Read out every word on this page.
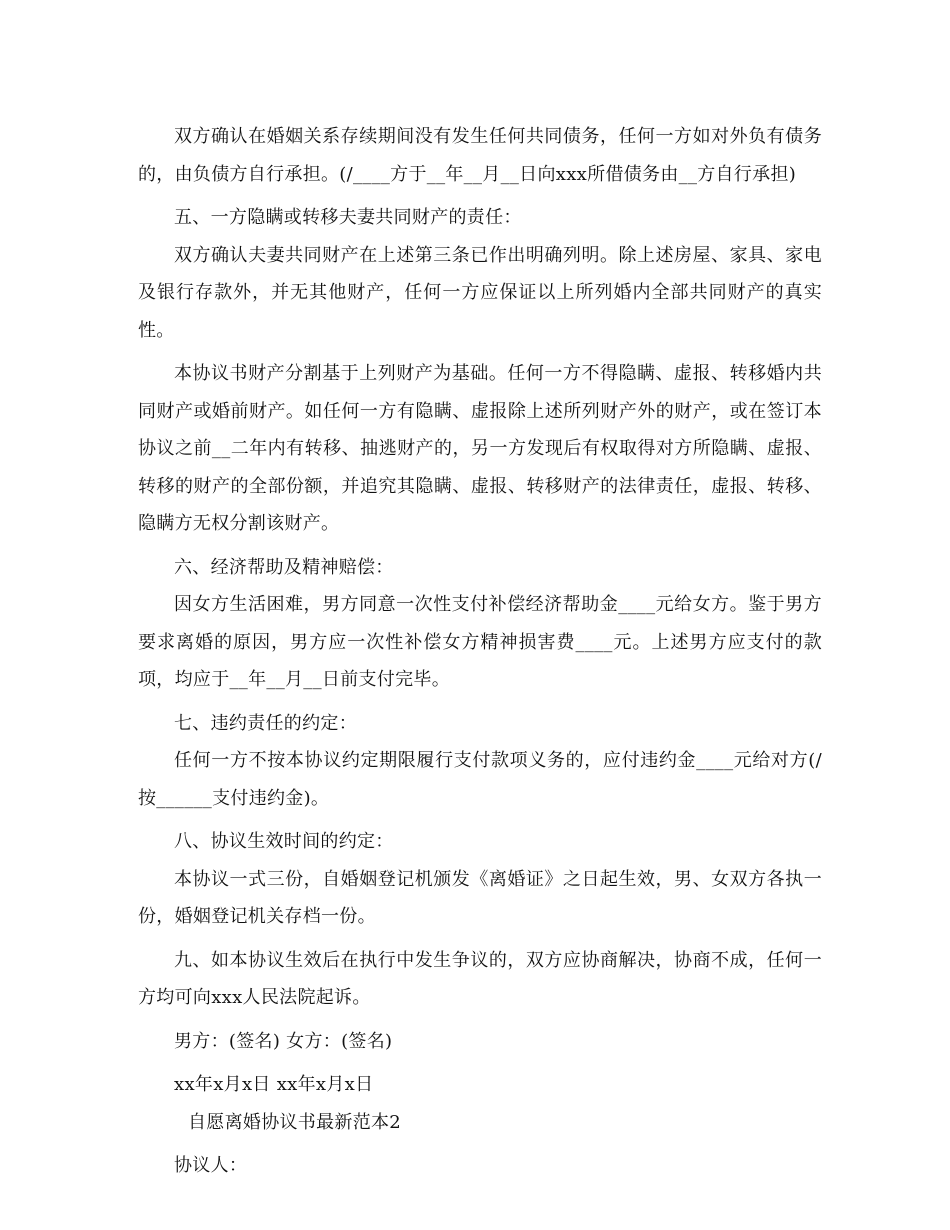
双方确认在婚姻关系存续期间没有发生任何共同债务，任何一方如对外负有债务的，由负债方自行承担。(/____方于__年__月__日向xxx所借债务由__方自行承担)

五、一方隐瞒或转移夫妻共同财产的责任：

双方确认夫妻共同财产在上述第三条已作出明确列明。除上述房屋、家具、家电及银行存款外，并无其他财产，任何一方应保证以上所列婚内全部共同财产的真实性。

本协议书财产分割基于上列财产为基础。任何一方不得隐瞒、虚报、转移婚内共同财产或婚前财产。如任何一方有隐瞒、虚报除上述所列财产外的财产，或在签订本协议之前__二年内有转移、抽逃财产的，另一方发现后有权取得对方所隐瞒、虚报、转移的财产的全部份额，并追究其隐瞒、虚报、转移财产的法律责任，虚报、转移、隐瞒方无权分割该财产。

六、经济帮助及精神赔偿：

因女方生活困难，男方同意一次性支付补偿经济帮助金____元给女方。鉴于男方要求离婚的原因，男方应一次性补偿女方精神损害费____元。上述男方应支付的款项，均应于__年__月__日前支付完毕。

七、违约责任的约定：

任何一方不按本协议约定期限履行支付款项义务的，应付违约金____元给对方(/按______支付违约金)。

八、协议生效时间的约定：

本协议一式三份，自婚姻登记机颁发《离婚证》之日起生效，男、女双方各执一份，婚姻登记机关存档一份。

九、如本协议生效后在执行中发生争议的，双方应协商解决，协商不成，任何一方均可向xxx人民法院起诉。

男方：(签名) 女方：(签名)

xx年x月x日 xx年x月x日

自愿离婚协议书最新范本2

协议人：
